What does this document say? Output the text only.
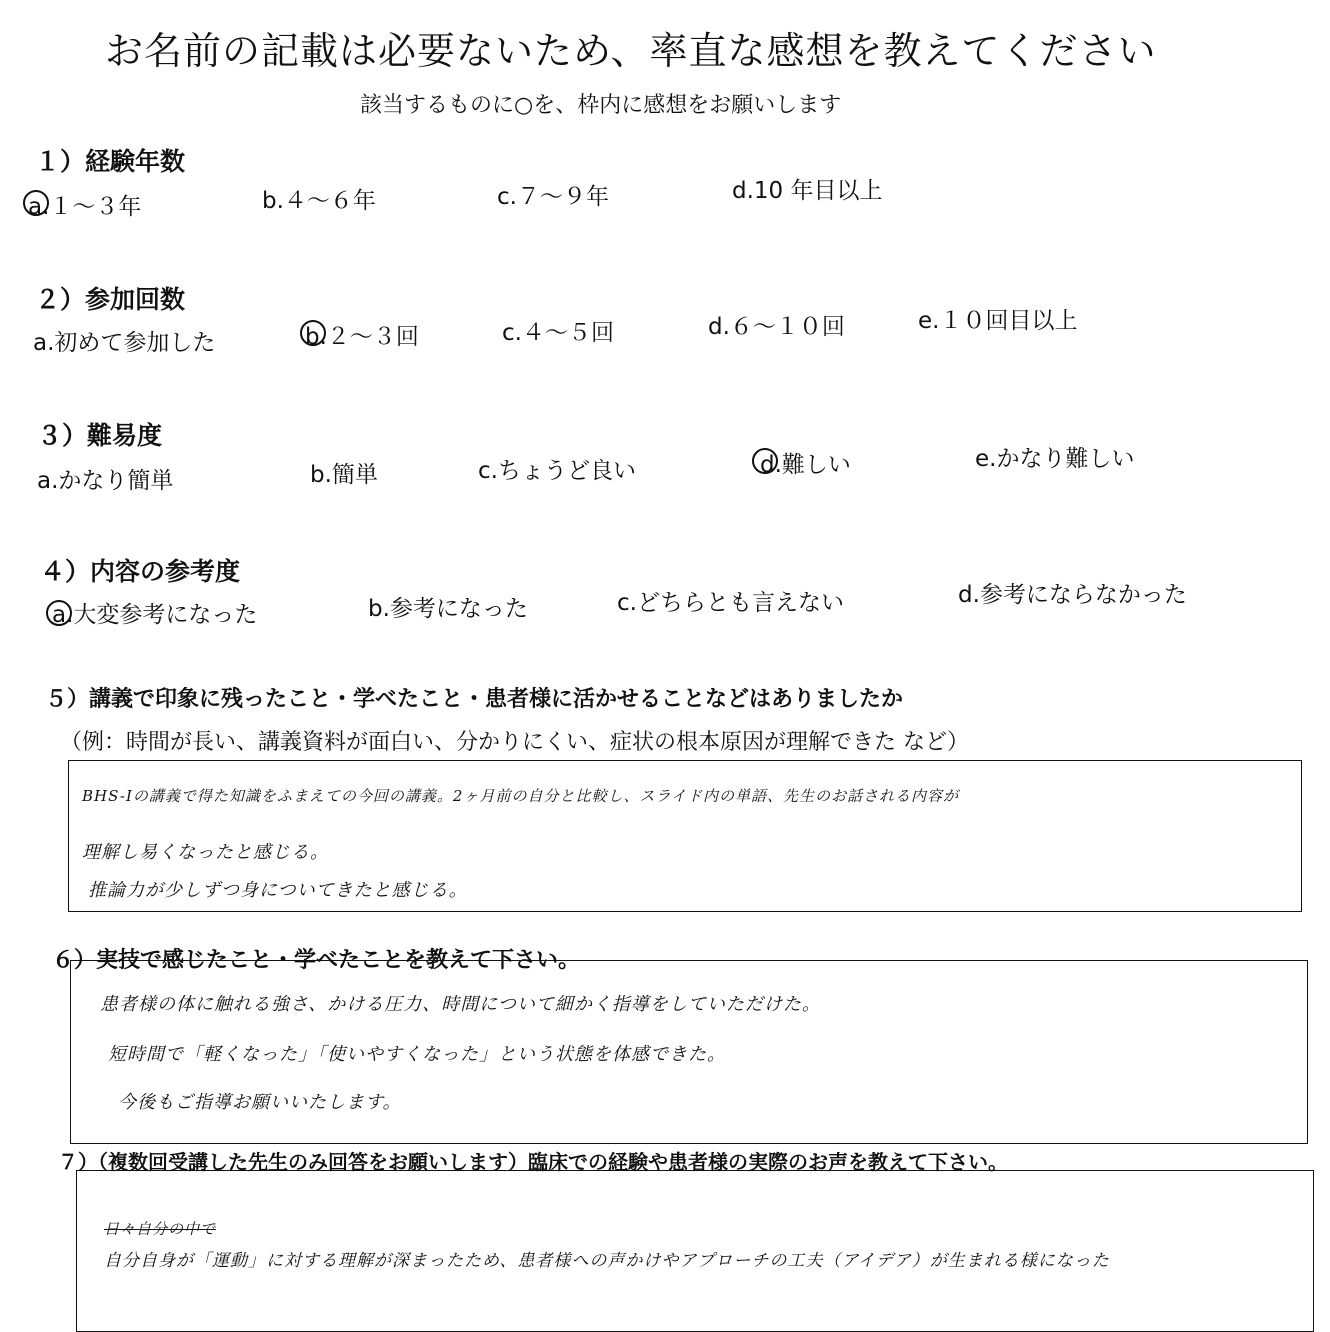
お名前の記載は必要ないため、率直な感想を教えてください
該当するものに○を、枠内に感想をお願いします
１）経験年数
a.１～３年	b.４～６年	c.７～９年	d.10 年目以上
２）参加回数
a.初めて参加した	b.２～３回	c.４～５回	d.６～１０回	e.１０回目以上
３）難易度
a.かなり簡単	b.簡単	c.ちょうど良い	d.難しい	e.かなり難しい
４）内容の参考度
a.大変参考になった	b.参考になった	c.どちらとも言えない	d.参考にならなかった
５）講義で印象に残ったこと・学べたこと・患者様に活かせることなどはありましたか
（例：時間が長い、講義資料が面白い、分かりにくい、症状の根本原因が理解できた など）
BHS-Ⅰの講義で得た知識をふまえての今回の講義。2ヶ月前の自分と比較し、スライド内の単語、先生のお話される内容が
理解し易くなったと感じる。
推論力が少しずつ身についてきたと感じる。
６）実技で感じたこと・学べたことを教えて下さい。
患者様の体に触れる強さ、かける圧力、時間について細かく指導をしていただけた。
短時間で「軽くなった」「使いやすくなった」という状態を体感できた。
今後もご指導お願いいたします。
７）（複数回受講した先生のみ回答をお願いします）臨床での経験や患者様の実際のお声を教えて下さい。
日々自分の中で
自分自身が「運動」に対する理解が深まったため、患者様への声かけやアプローチの工夫（アイデア）が生まれる様になった
